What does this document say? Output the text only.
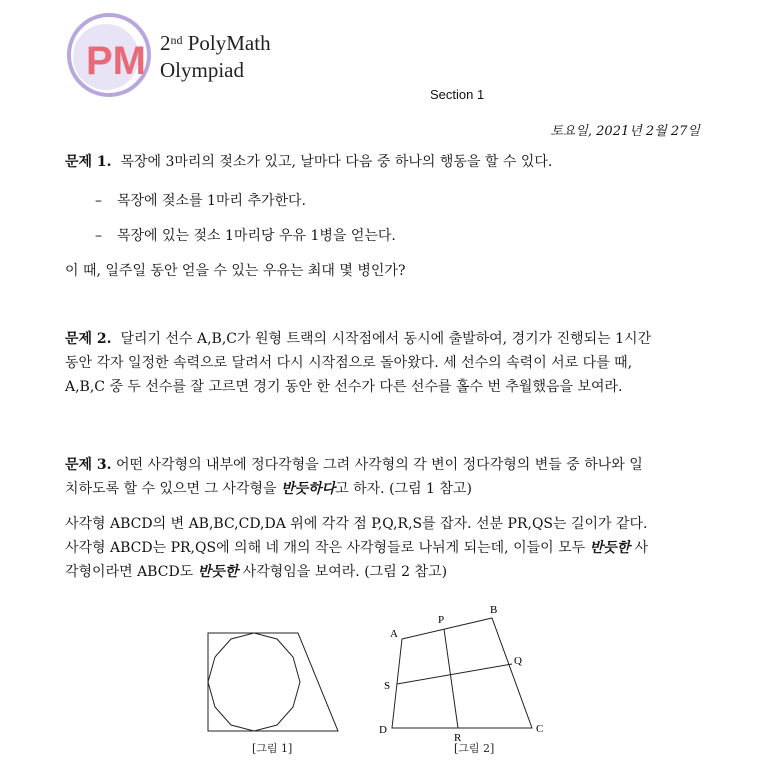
PM 2nd PolyMath
Olympiad
Section 1
토요일, 2021년 2월 27일
문제 1. 목장에 3마리의 젖소가 있고, 날마다 다음 중 하나의 행동을 할 수 있다.
– 목장에 젖소를 1마리 추가한다.
– 목장에 있는 젖소 1마리당 우유 1병을 얻는다.
이 때, 일주일 동안 얻을 수 있는 우유는 최대 몇 병인가?
문제 2. 달리기 선수 A,B,C가 원형 트랙의 시작점에서 동시에 출발하여, 경기가 진행되는 1시간
동안 각자 일정한 속력으로 달려서 다시 시작점으로 돌아왔다. 세 선수의 속력이 서로 다를 때,
A,B,C 중 두 선수를 잘 고르면 경기 동안 한 선수가 다른 선수를 홀수 번 추월했음을 보여라.
문제 3. 어떤 사각형의 내부에 정다각형을 그려 사각형의 각 변이 정다각형의 변들 중 하나와 일
치하도록 할 수 있으면 그 사각형을 반듯하다고 하자. (그림 1 참고)
사각형 ABCD의 변 AB,BC,CD,DA 위에 각각 점 P,Q,R,S를 잡자. 선분 PR,QS는 길이가 같다.
사각형 ABCD는 PR,QS에 의해 네 개의 작은 사각형들로 나뉘게 되는데, 이들이 모두 반듯한 사
각형이라면 ABCD도 반듯한 사각형임을 보여라. (그림 2 참고)
[그림 1]
A
P
B
Q
S
D
R
C
[그림 2]
